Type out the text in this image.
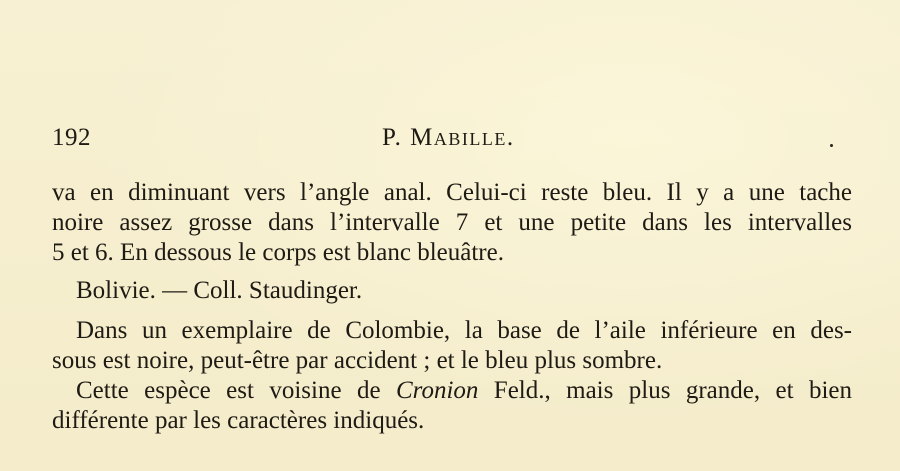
192	P. Mabille.
va en diminuant vers l’angle anal. Celui-ci reste bleu. Il y a une tache
noire assez grosse dans l’intervalle 7 et une petite dans les intervalles
5 et 6. En dessous le corps est blanc bleuâtre.
Bolivie. — Coll. Staudinger.
Dans un exemplaire de Colombie, la base de l’aile inférieure en des-
sous est noire, peut-être par accident ; et le bleu plus sombre.
Cette espèce est voisine de Cronion Feld., mais plus grande, et bien
différente par les caractères indiqués.
